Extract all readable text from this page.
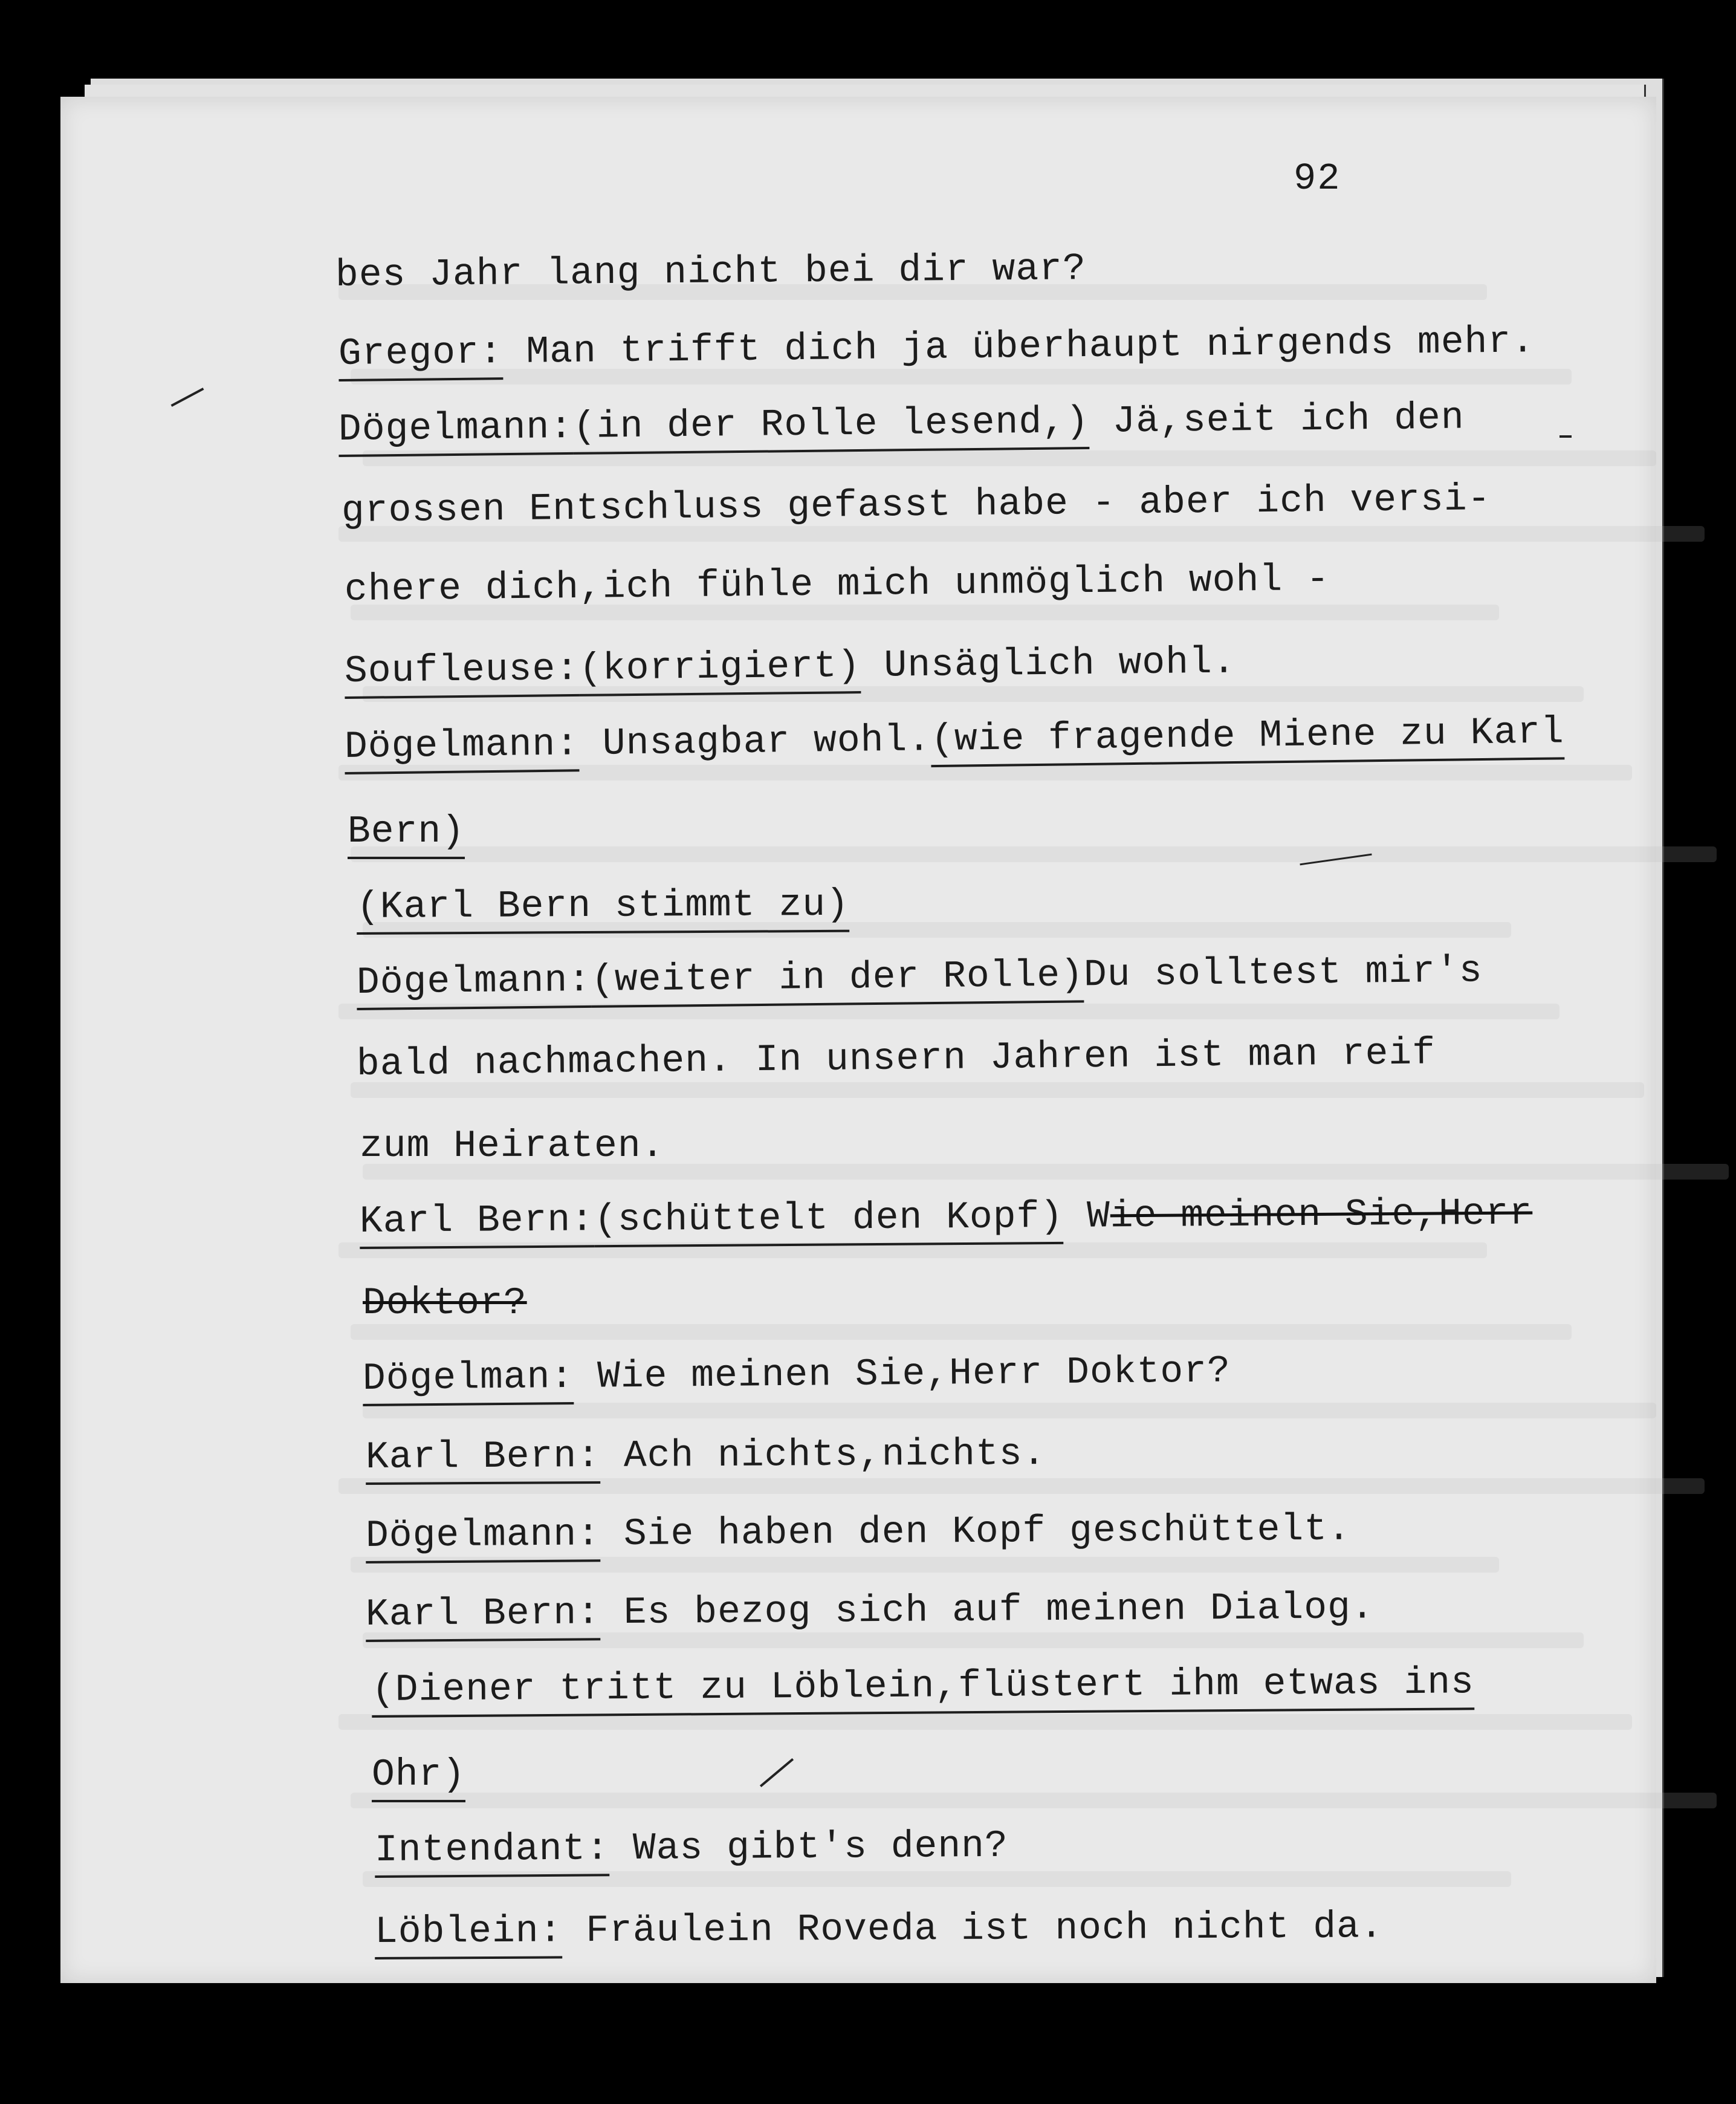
92
bes Jahr lang nicht bei dir war?
Gregor: Man trifft dich ja überhaupt nirgends mehr.
Dögelmann:(in der Rolle lesend,) Jä,seit ich den
grossen Entschluss gefasst habe - aber ich versi-
chere dich,ich fühle mich unmöglich wohl -
Soufleuse:(korrigiert) Unsäglich wohl.
Dögelmann: Unsagbar wohl.(wie fragende Miene zu Karl
Bern)
(Karl Bern stimmt zu)
Dögelmann:(weiter in der Rolle)Du solltest mir's
bald nachmachen. In unsern Jahren ist man reif
zum Heiraten.
Karl Bern:(schüttelt den Kopf) Wie meinen Sie,Herr
Doktor?
Dögelman: Wie meinen Sie,Herr Doktor?
Karl Bern: Ach nichts,nichts.
Dögelmann: Sie haben den Kopf geschüttelt.
Karl Bern: Es bezog sich auf meinen Dialog.
(Diener tritt zu Löblein,flüstert ihm etwas ins
Ohr)
Intendant: Was gibt's denn?
Löblein: Fräulein Roveda ist noch nicht da.
